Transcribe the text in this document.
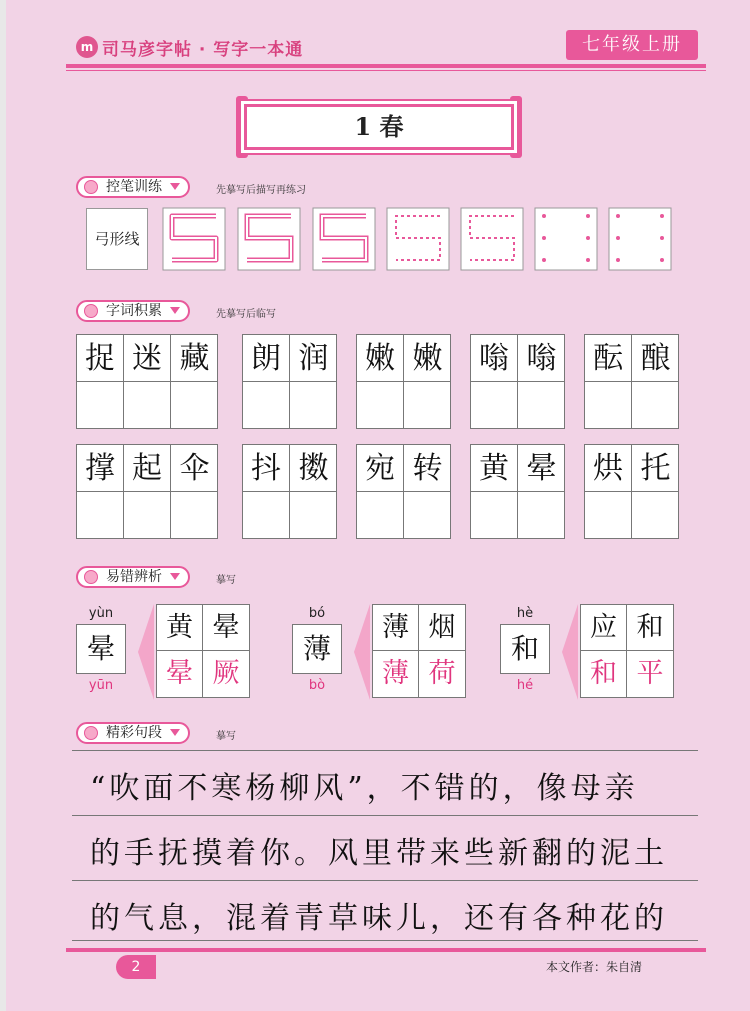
m 司马彦字帖 · 写字一本通	七年级上册
1 春
控笔训练	先摹写后描写再练习
弓形线
字词积累	先摹写后临写
捉 迷 藏 朗 润 嫩 嫩 嗡 嗡 酝 酿
撑 起 伞 抖 擞 宛 转 黄 晕 烘 托
易错辨析	摹写
yùn
晕
yūn
黄 晕
晕 厥
bó
薄
bò
薄 烟
薄 荷
hè
和
hé
应 和
和 平
精彩句段	摹写
“吹面不寒杨柳风”，不错的，像母亲
的手抚摸着你。风里带来些新翻的泥土
的气息，混着青草味儿，还有各种花的
2	本文作者：朱自清
